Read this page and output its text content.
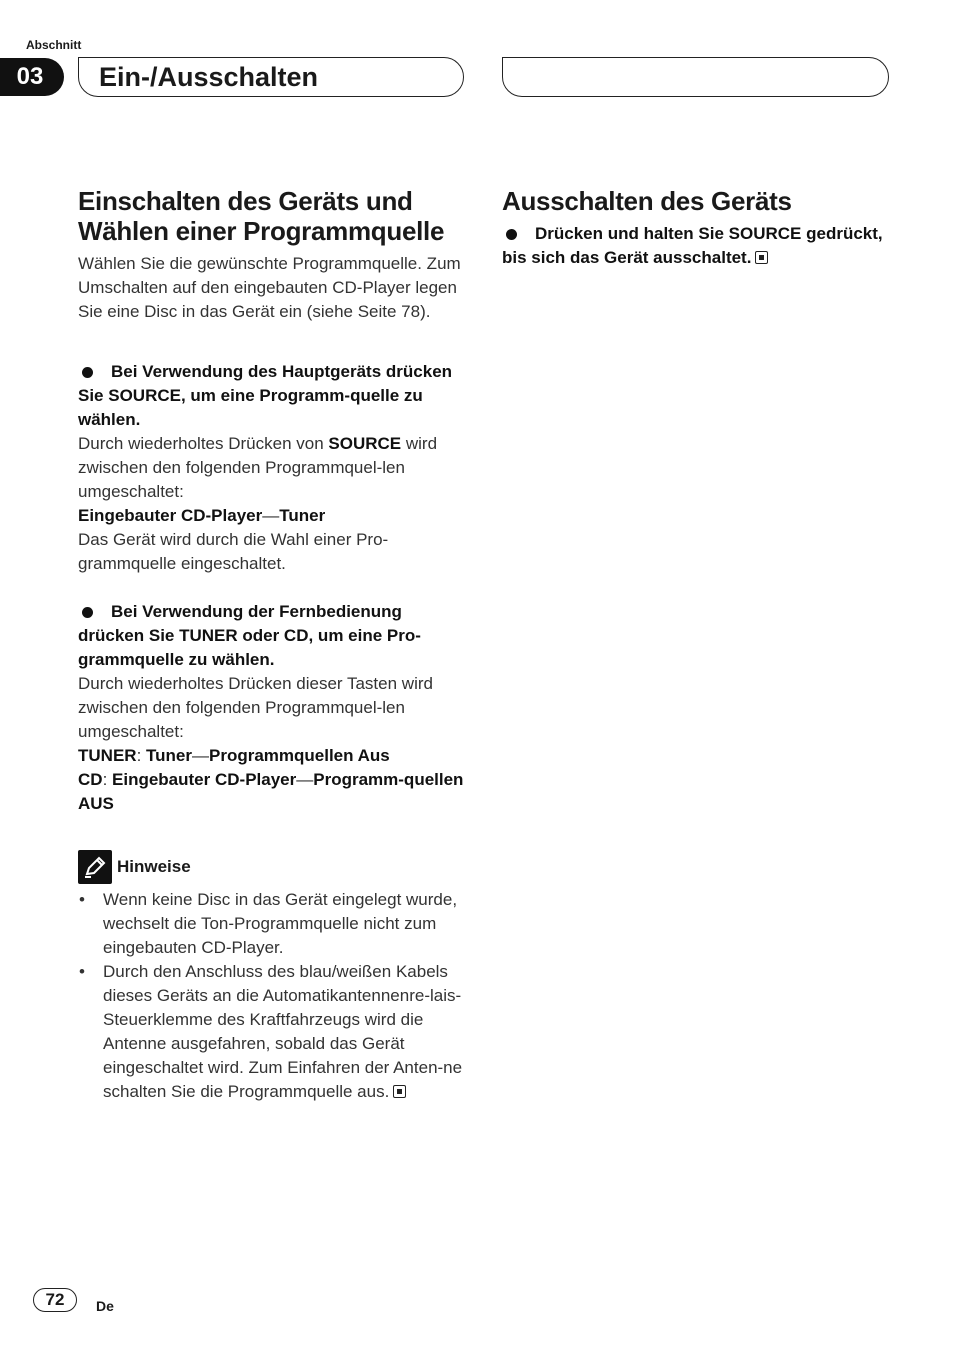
Abschnitt
03	Ein-/Ausschalten
Einschalten des Geräts und Wählen einer Programmquelle

Wählen Sie die gewünschte Programmquelle. Zum Umschalten auf den eingebauten CD-Player legen Sie eine Disc in das Gerät ein (siehe Seite 78).

Bei Verwendung des Hauptgeräts drücken Sie SOURCE, um eine Programm-quelle zu wählen.

Durch wiederholtes Drücken von SOURCE wird zwischen den folgenden Programmquel-len umgeschaltet:

Eingebauter CD-Player—Tuner

Das Gerät wird durch die Wahl einer Pro-grammquelle eingeschaltet.

Bei Verwendung der Fernbedienung drücken Sie TUNER oder CD, um eine Pro-grammquelle zu wählen.

Durch wiederholtes Drücken dieser Tasten wird zwischen den folgenden Programmquel-len umgeschaltet:

TUNER: Tuner—Programmquellen Aus

CD: Eingebauter CD-Player—Programm-quellen AUS

Hinweise
• Wenn keine Disc in das Gerät eingelegt wurde, wechselt die Ton-Programmquelle nicht zum eingebauten CD-Player.
• Durch den Anschluss des blau/weißen Kabels dieses Geräts an die Automatikantennenre-lais-Steuerklemme des Kraftfahrzeugs wird die Antenne ausgefahren, sobald das Gerät eingeschaltet wird. Zum Einfahren der Anten-ne schalten Sie die Programmquelle aus.
Ausschalten des Geräts

Drücken und halten Sie SOURCE gedrückt, bis sich das Gerät ausschaltet.

72	De
